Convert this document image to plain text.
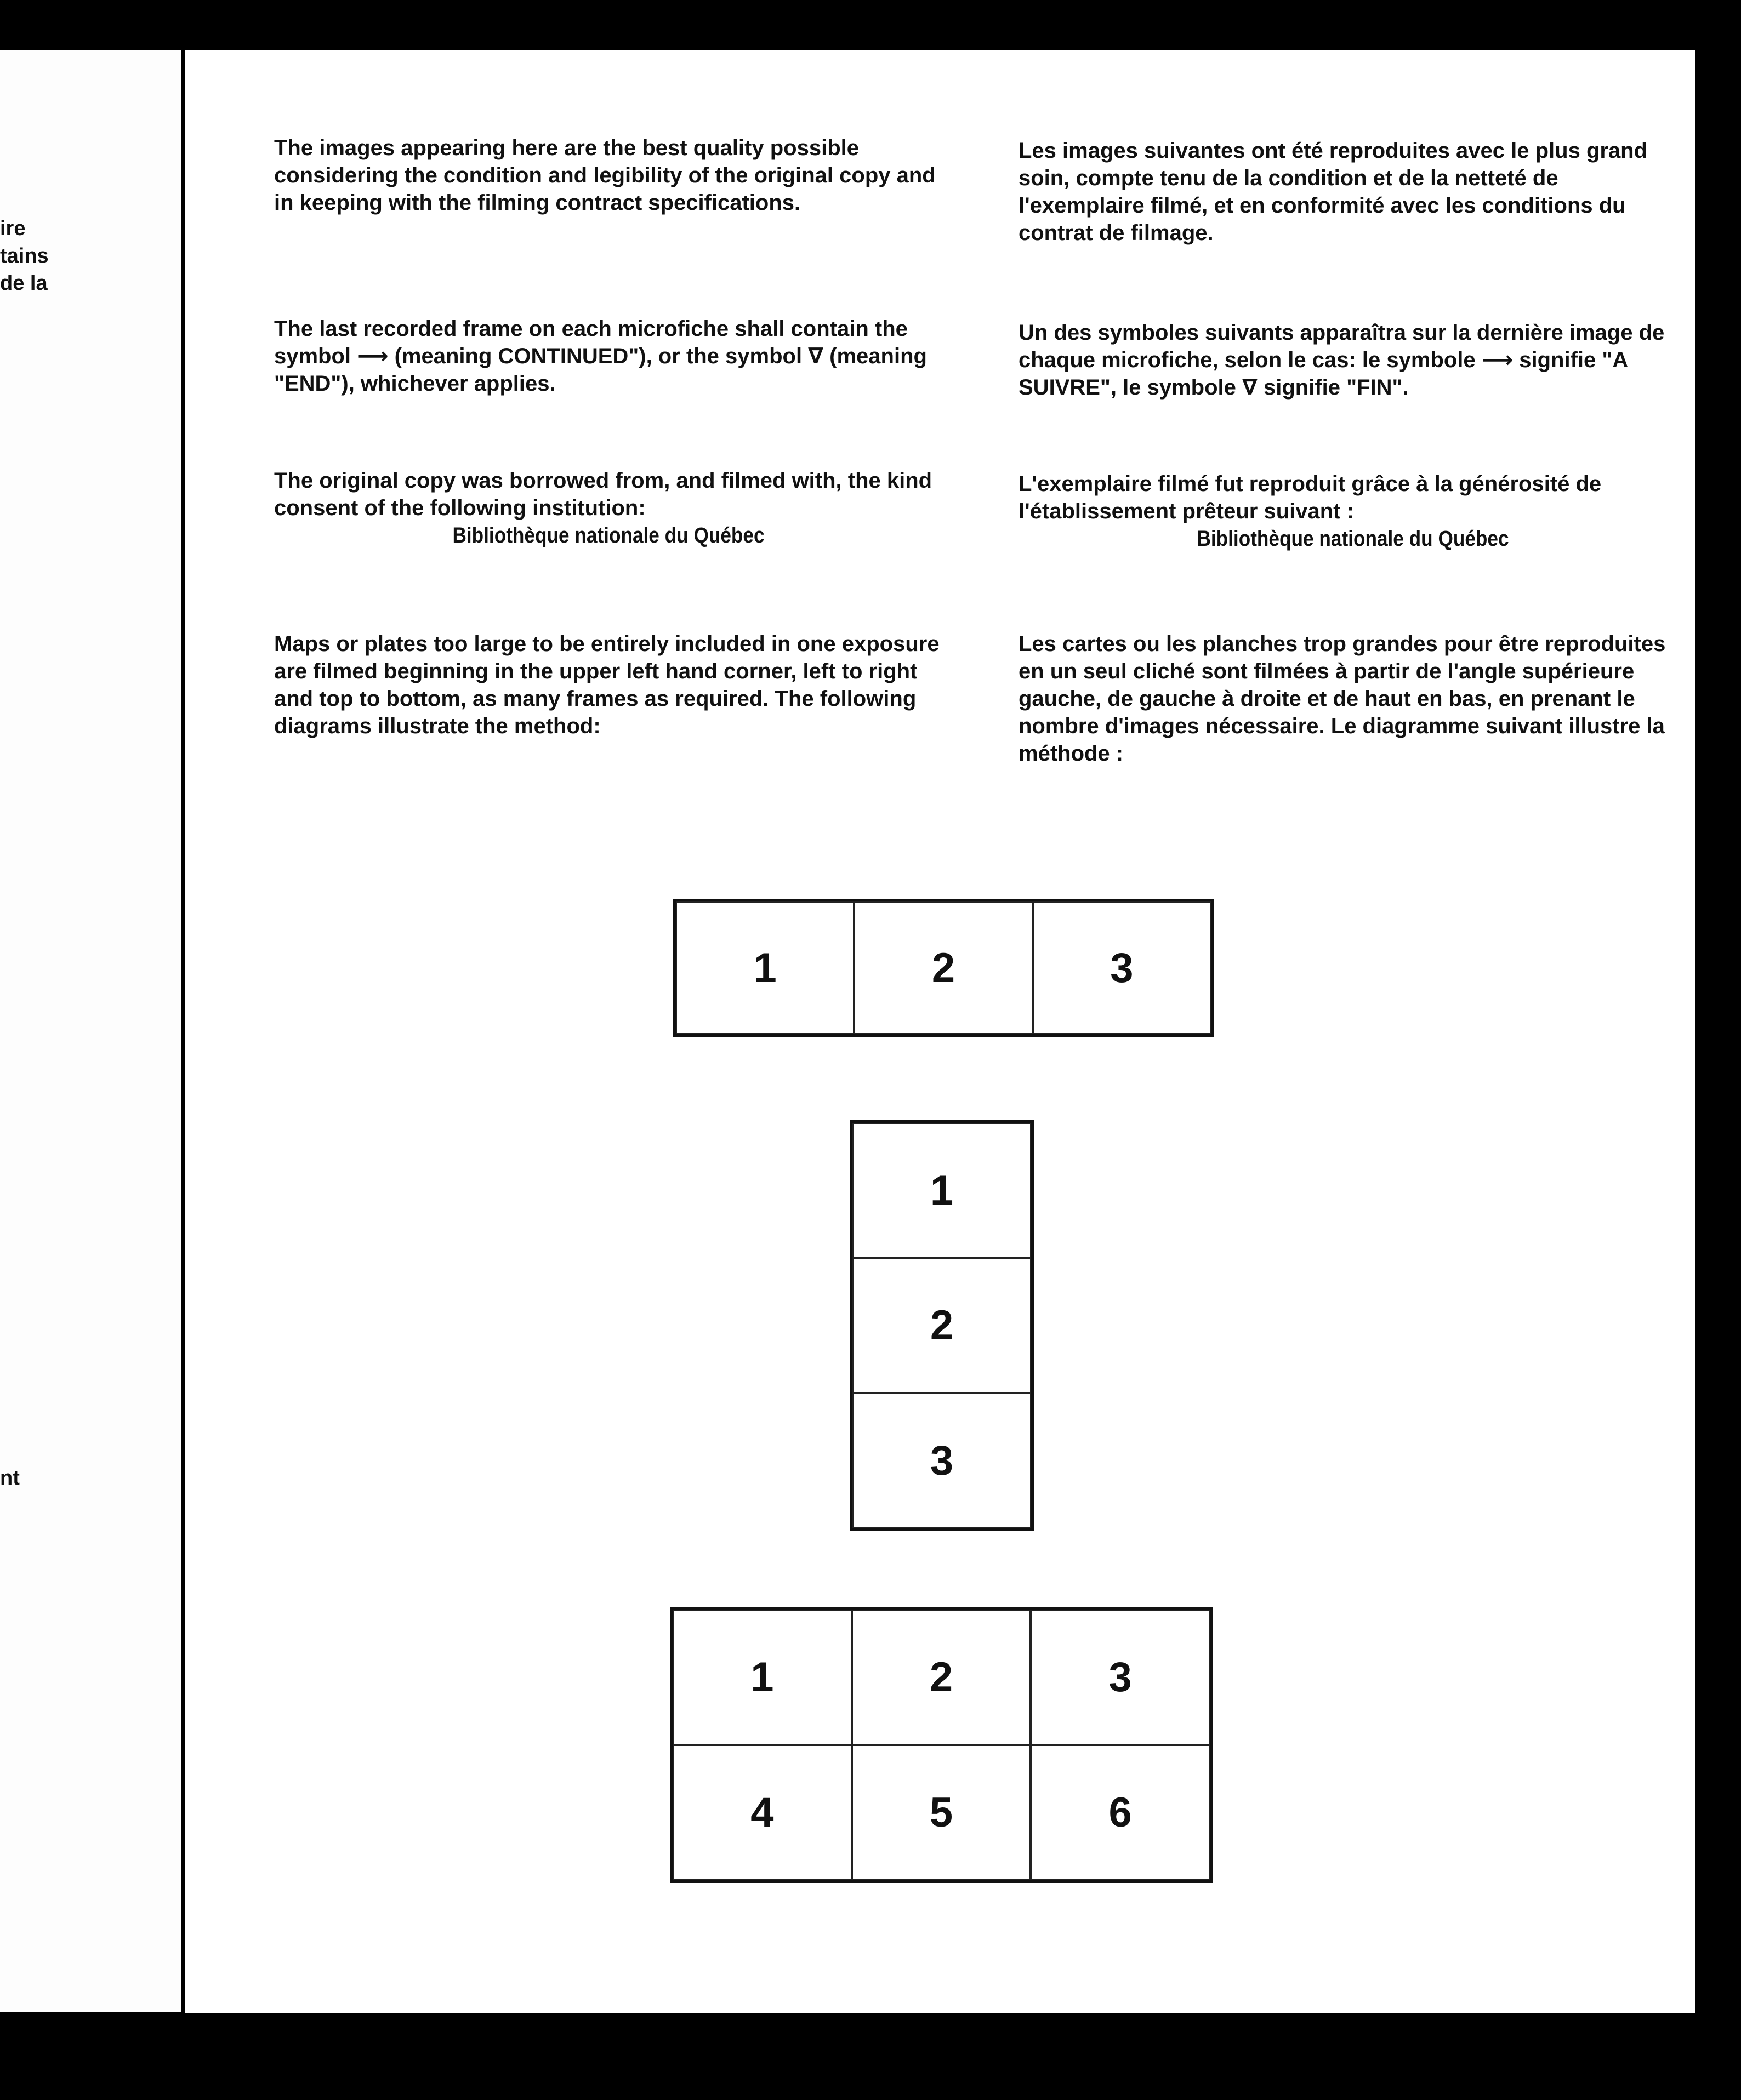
ire

tains

de la

nt

The images appearing here are the best quality possible considering the condition and legibility of the original copy and in keeping with the filming contract specifications.

The last recorded frame on each microfiche shall contain the symbol ⟶ (meaning CONTINUED"), or the symbol ∇ (meaning "END"), whichever applies.

The original copy was borrowed from, and filmed with, the kind consent of the following institution:

Bibliothèque nationale du Québec

Maps or plates too large to be entirely included in one exposure are filmed beginning in the upper left hand corner, left to right and top to bottom, as many frames as required. The following diagrams illustrate the method:

Les images suivantes ont été reproduites avec le plus grand soin, compte tenu de la condition et de la netteté de l'exemplaire filmé, et en conformité avec les conditions du contrat de filmage.

Un des symboles suivants apparaîtra sur la dernière image de chaque microfiche, selon le cas: le symbole ⟶ signifie "A SUIVRE", le symbole ∇ signifie "FIN".

L'exemplaire filmé fut reproduit grâce à la générosité de l'établissement prêteur suivant :

Bibliothèque nationale du Québec

Les cartes ou les planches trop grandes pour être reproduites en un seul cliché sont filmées à partir de l'angle supérieure gauche, de gauche à droite et de haut en bas, en prenant le nombre d'images nécessaire. Le diagramme suivant illustre la méthode :

1	2	3
1
2
3
1	2	3
4	5	6
